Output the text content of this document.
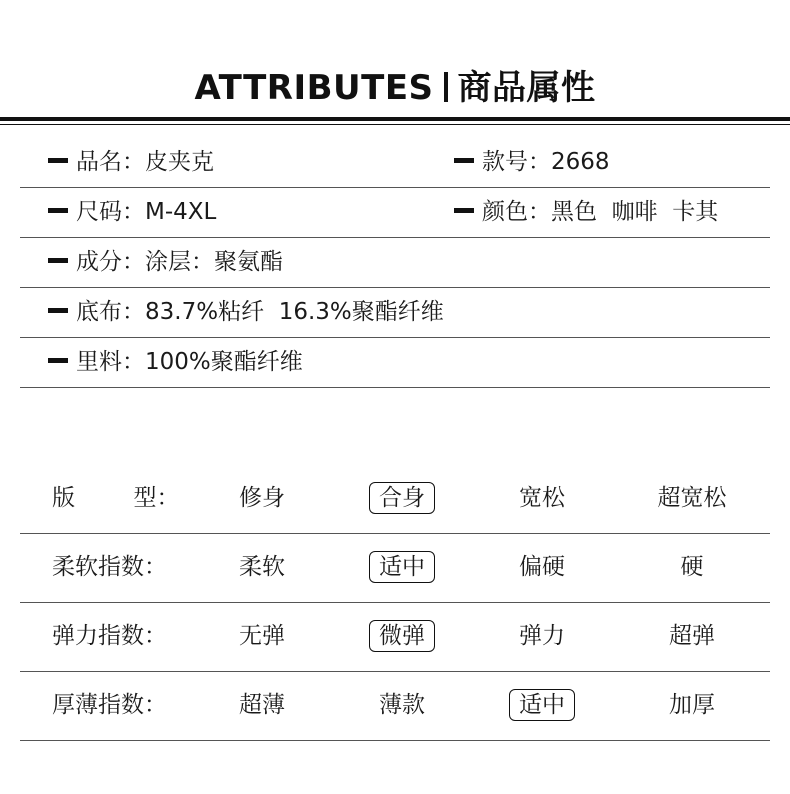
ATTRIBUTES 商品属性
品名：皮夹克	款号：2668
尺码：M-4XL	颜色：黑色  咖啡  卡其
成分：涂层：聚氨酯
底布：83.7%粘纤  16.3%聚酯纤维
里料：100%聚酯纤维
版        型：	修身	合身	宽松	超宽松
柔软指数：	柔软	适中	偏硬	硬
弹力指数：	无弹	微弹	弹力	超弹
厚薄指数：	超薄	薄款	适中	加厚
